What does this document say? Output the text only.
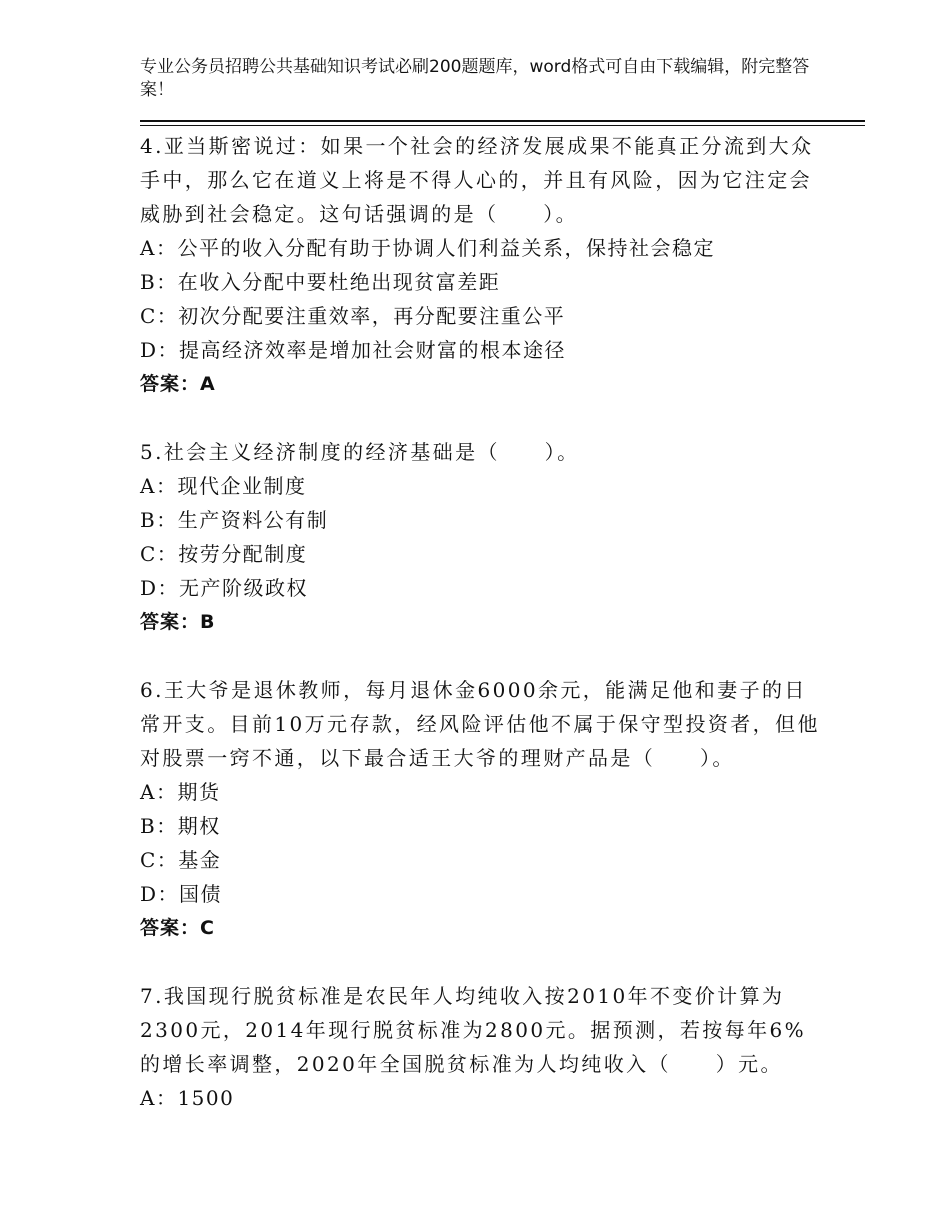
专业公务员招聘公共基础知识考试必刷200题题库，word格式可自由下载编辑，附完整答案！

4.亚当斯密说过：如果一个社会的经济发展成果不能真正分流到大众手中，那么它在道义上将是不得人心的，并且有风险，因为它注定会威胁到社会稳定。这句话强调的是（　　）。

A：公平的收入分配有助于协调人们利益关系，保持社会稳定

B：在收入分配中要杜绝出现贫富差距

C：初次分配要注重效率，再分配要注重公平

D：提高经济效率是增加社会财富的根本途径

答案：A

5.社会主义经济制度的经济基础是（　　）。

A：现代企业制度

B：生产资料公有制

C：按劳分配制度

D：无产阶级政权

答案：B

6.王大爷是退休教师，每月退休金6000余元，能满足他和妻子的日常开支。目前10万元存款，经风险评估他不属于保守型投资者，但他对股票一窍不通，以下最合适王大爷的理财产品是（　　）。

A：期货

B：期权

C：基金

D：国债

答案：C

7.我国现行脱贫标准是农民年人均纯收入按2010年不变价计算为2300元，2014年现行脱贫标准为2800元。据预测，若按每年6%的增长率调整，2020年全国脱贫标准为人均纯收入（　　）元。

A：1500
